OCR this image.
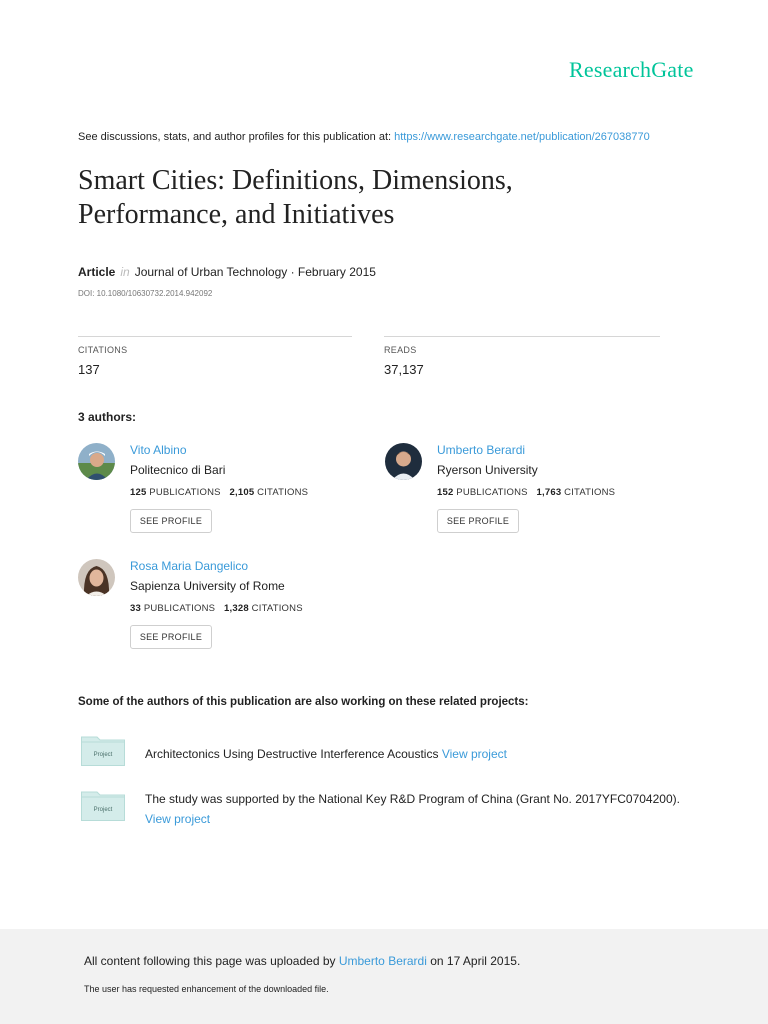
ResearchGate
See discussions, stats, and author profiles for this publication at: https://www.researchgate.net/publication/267038770
Smart Cities: Definitions, Dimensions,
Performance, and Initiatives
Article in Journal of Urban Technology · February 2015
DOI: 10.1080/10630732.2014.942092
CITATIONS
137
READS
37,137
3 authors:
Vito Albino
Politecnico di Bari
125 PUBLICATIONS 2,105 CITATIONS
SEE PROFILE
Umberto Berardi
Ryerson University
152 PUBLICATIONS 1,763 CITATIONS
SEE PROFILE
Rosa Maria Dangelico
Sapienza University of Rome
33 PUBLICATIONS 1,328 CITATIONS
SEE PROFILE
Some of the authors of this publication are also working on these related projects:
Project	Architectonics Using Destructive Interference Acoustics View project
Project
The study was supported by the National Key R&D Program of China (Grant No. 2017YFC0704200).
View project
All content following this page was uploaded by Umberto Berardi on 17 April 2015.
The user has requested enhancement of the downloaded file.
